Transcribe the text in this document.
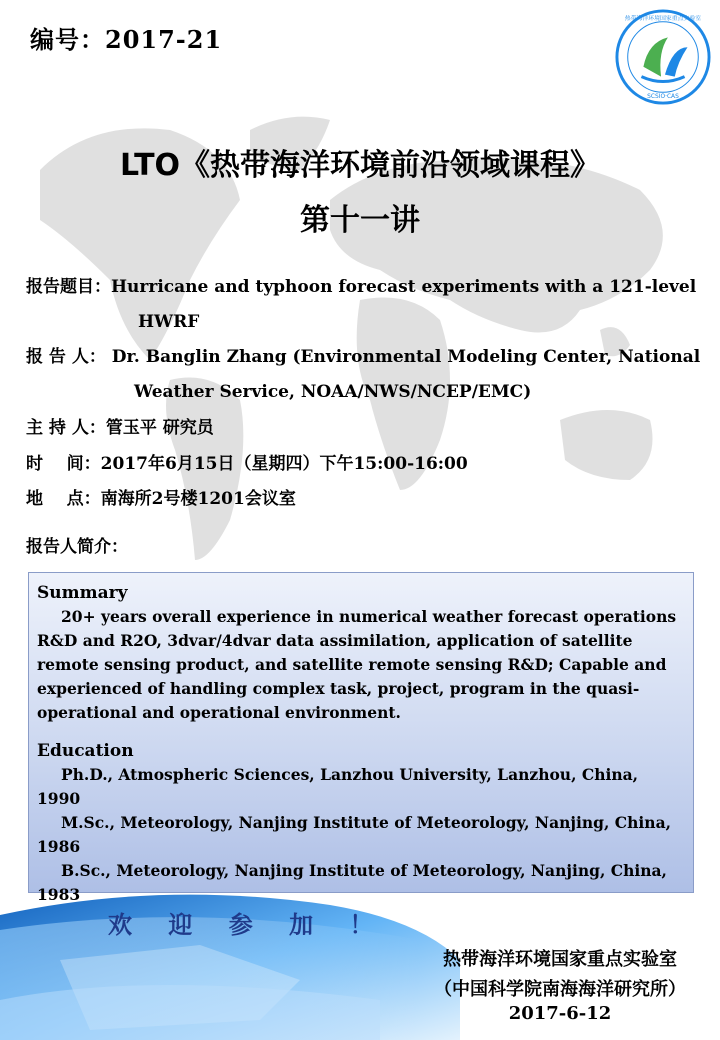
编号：2017-21
SCSIO·CAS
热带海洋环境国家重点实验室
LTO《热带海洋环境前沿领域课程》
第十一讲
报告题目：Hurricane and typhoon forecast experiments with a 121-level
HWRF
报 告 人： Dr. Banglin Zhang (Environmental Modeling Center, National
Weather Service, NOAA/NWS/NCEP/EMC)
主 持 人：管玉平 研究员
时    间：2017年6月15日（星期四）下午15:00-16:00
地    点：南海所2号楼1201会议室
报告人简介：

Summary

20+ years overall experience in numerical weather forecast operations R&D and R2O, 3dvar/4dvar data assimilation, application of satellite remote sensing product, and satellite remote sensing R&D; Capable and experienced of handling complex task, project, program in the quasi-operational and operational environment.

Education

Ph.D., Atmospheric Sciences, Lanzhou University, Lanzhou, China, 1990

M.Sc., Meteorology, Nanjing Institute of Meteorology, Nanjing, China, 1986

B.Sc., Meteorology, Nanjing Institute of Meteorology, Nanjing, China, 1983

欢 迎 参 加 ！
热带海洋环境国家重点实验室
（中国科学院南海海洋研究所）
2017-6-12
